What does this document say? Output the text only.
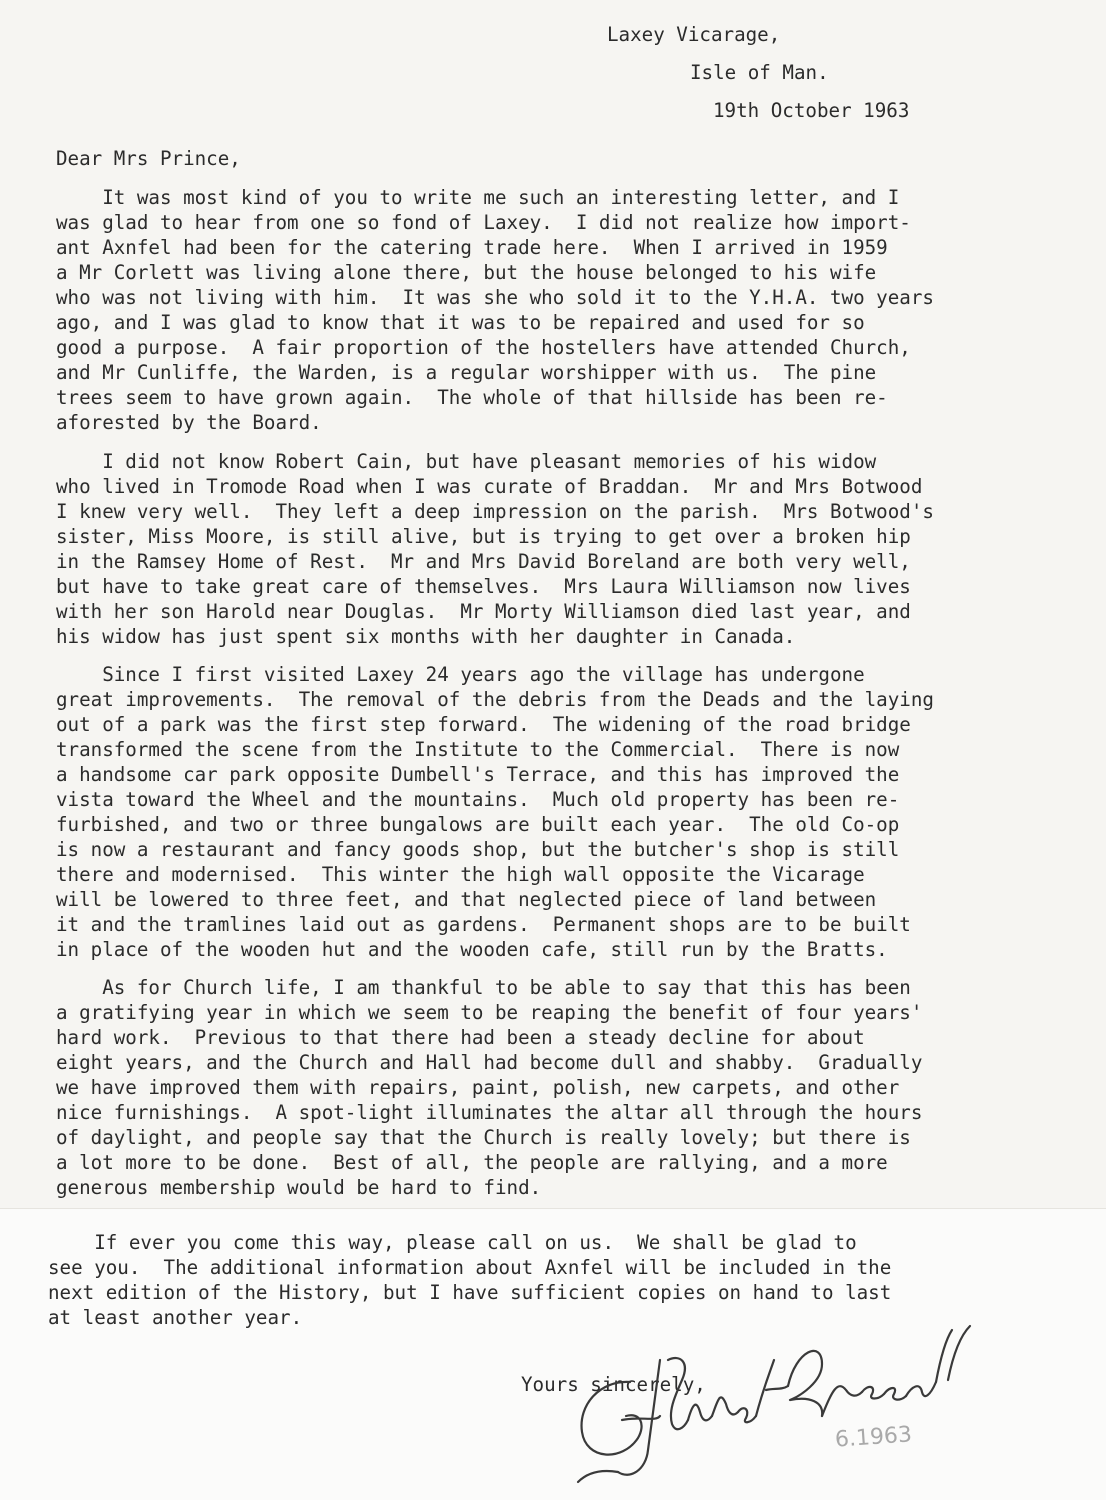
Laxey Vicarage,
Isle of Man.
19th October 1963
Dear Mrs Prince,
It was most kind of you to write me such an interesting letter, and I
was glad to hear from one so fond of Laxey.  I did not realize how import-
ant Axnfel had been for the catering trade here.  When I arrived in 1959
a Mr Corlett was living alone there, but the house belonged to his wife
who was not living with him.  It was she who sold it to the Y.H.A. two years
ago, and I was glad to know that it was to be repaired and used for so
good a purpose.  A fair proportion of the hostellers have attended Church,
and Mr Cunliffe, the Warden, is a regular worshipper with us.  The pine
trees seem to have grown again.  The whole of that hillside has been re-
aforested by the Board.
I did not know Robert Cain, but have pleasant memories of his widow
who lived in Tromode Road when I was curate of Braddan.  Mr and Mrs Botwood
I knew very well.  They left a deep impression on the parish.  Mrs Botwood's
sister, Miss Moore, is still alive, but is trying to get over a broken hip
in the Ramsey Home of Rest.  Mr and Mrs David Boreland are both very well,
but have to take great care of themselves.  Mrs Laura Williamson now lives
with her son Harold near Douglas.  Mr Morty Williamson died last year, and
his widow has just spent six months with her daughter in Canada.
Since I first visited Laxey 24 years ago the village has undergone
great improvements.  The removal of the debris from the Deads and the laying
out of a park was the first step forward.  The widening of the road bridge
transformed the scene from the Institute to the Commercial.  There is now
a handsome car park opposite Dumbell's Terrace, and this has improved the
vista toward the Wheel and the mountains.  Much old property has been re-
furbished, and two or three bungalows are built each year.  The old Co-op
is now a restaurant and fancy goods shop, but the butcher's shop is still
there and modernised.  This winter the high wall opposite the Vicarage
will be lowered to three feet, and that neglected piece of land between
it and the tramlines laid out as gardens.  Permanent shops are to be built
in place of the wooden hut and the wooden cafe, still run by the Bratts.
As for Church life, I am thankful to be able to say that this has been
a gratifying year in which we seem to be reaping the benefit of four years'
hard work.  Previous to that there had been a steady decline for about
eight years, and the Church and Hall had become dull and shabby.  Gradually
we have improved them with repairs, paint, polish, new carpets, and other
nice furnishings.  A spot-light illuminates the altar all through the hours
of daylight, and people say that the Church is really lovely; but there is
a lot more to be done.  Best of all, the people are rallying, and a more
generous membership would be hard to find.
If ever you come this way, please call on us.  We shall be glad to
see you.  The additional information about Axnfel will be included in the
next edition of the History, but I have sufficient copies on hand to last
at least another year.
Yours sincerely,
6.1963
